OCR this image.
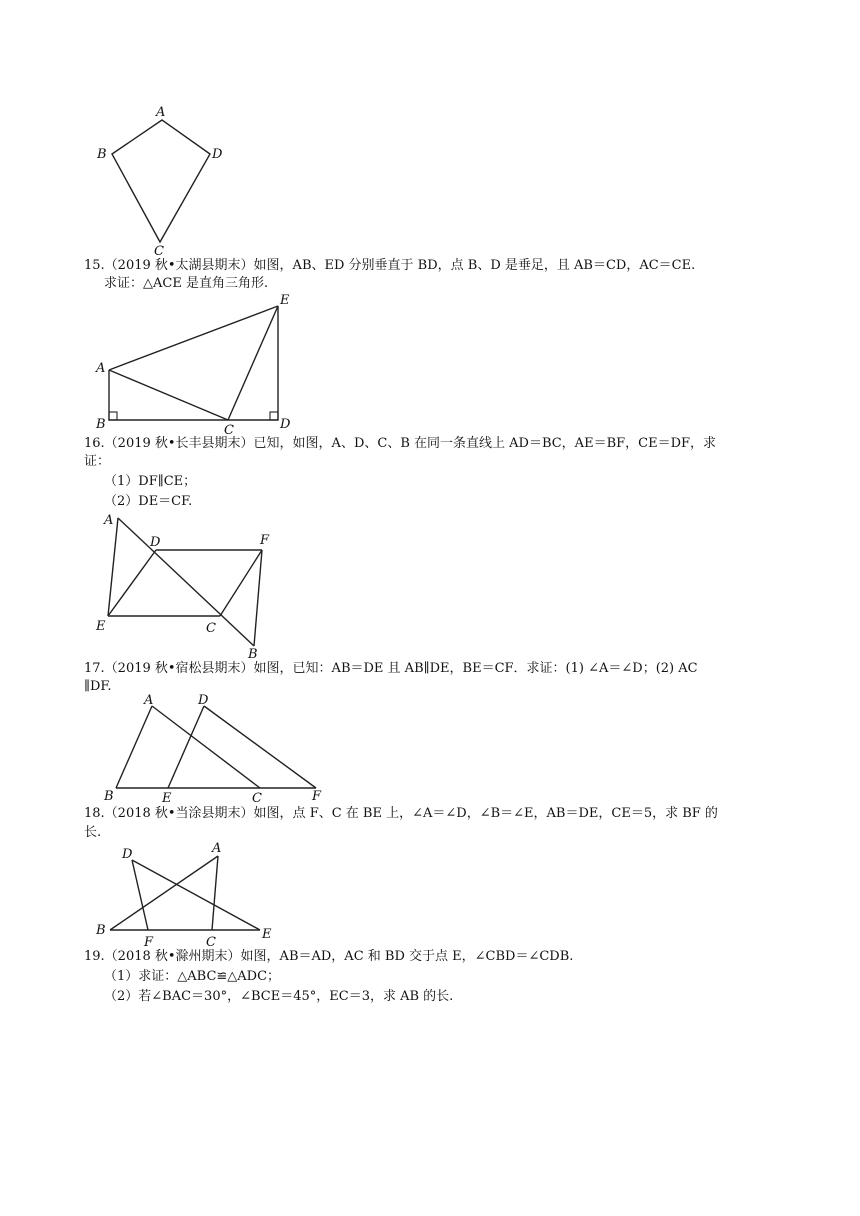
A
B	D
C
15.（2019 秋•太湖县期末）如图，AB、ED 分别垂直于 BD，点 B、D 是垂足，且 AB＝CD，AC＝CE.
求证：△ACE 是直角三角形.
A
B	C	D
E
16.（2019 秋•长丰县期末）已知，如图，A、D、C、B 在同一条直线上 AD＝BC，AE＝BF，CE＝DF，求
证：
（1）DF∥CE；
（2）DE＝CF.
A
D	F
E	C
B
17.（2019 秋•宿松县期末）如图，已知：AB＝DE 且 AB∥DE，BE＝CF．求证：(1) ∠A＝∠D；(2) AC
∥DF.
A	D
B	E	C	F
18.（2018 秋•当涂县期末）如图，点 F、C 在 BE 上，∠A＝∠D，∠B＝∠E，AB＝DE，CE＝5，求 BF 的
长.
A
D
B
F	C
E
19.（2018 秋•滁州期末）如图，AB＝AD，AC 和 BD 交于点 E，∠CBD＝∠CDB.
（1）求证：△ABC≌△ADC；
（2）若∠BAC＝30°，∠BCE＝45°，EC＝3，求 AB 的长.
